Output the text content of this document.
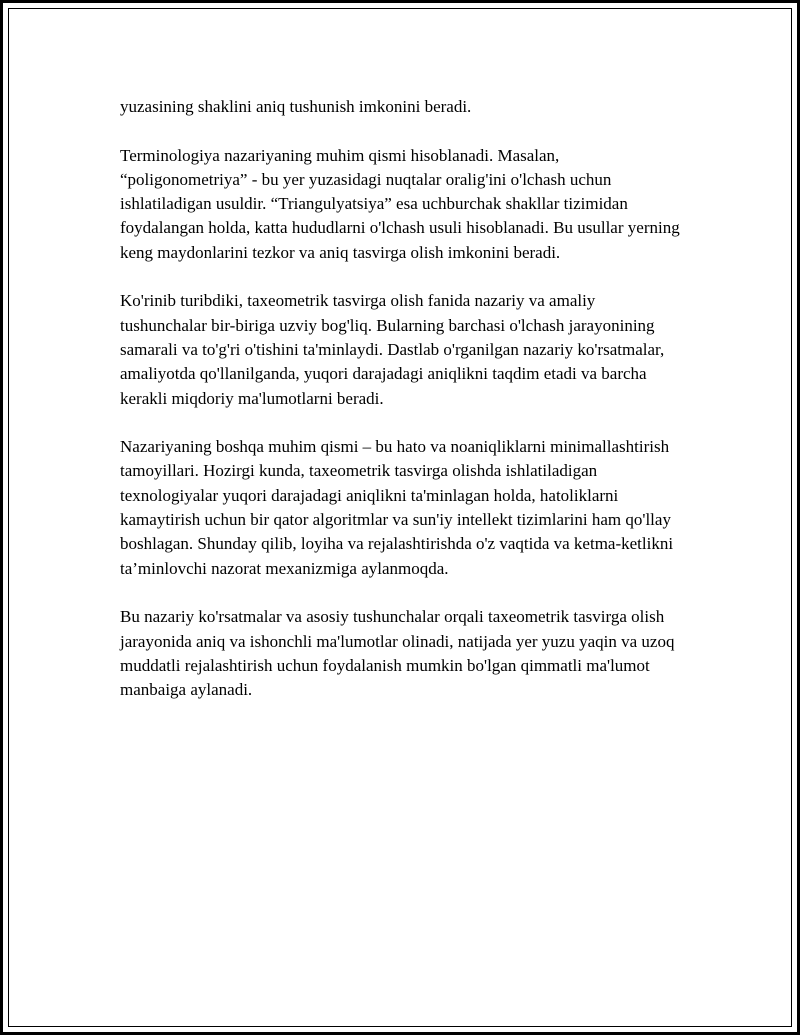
yuzasining shaklini aniq tushunish imkonini beradi.

Terminologiya nazariyaning muhim qismi hisoblanadi. Masalan, “poligonometriya” - bu yer yuzasidagi nuqtalar oralig'ini o'lchash uchun ishlatiladigan usuldir. “Triangulyatsiya” esa uchburchak shakllar tizimidan foydalangan holda, katta hududlarni o'lchash usuli hisoblanadi. Bu usullar yerning keng maydonlarini tezkor va aniq tasvirga olish imkonini beradi.

Ko'rinib turibdiki, taxeometrik tasvirga olish fanida nazariy va amaliy tushunchalar bir-biriga uzviy bog'liq. Bularning barchasi o'lchash jarayonining samarali va to'g'ri o'tishini ta'minlaydi. Dastlab o'rganilgan nazariy ko'rsatmalar, amaliyotda qo'llanilganda, yuqori darajadagi aniqlikni taqdim etadi va barcha kerakli miqdoriy ma'lumotlarni beradi.

Nazariyaning boshqa muhim qismi – bu hato va noaniqliklarni minimallashtirish tamoyillari. Hozirgi kunda, taxeometrik tasvirga olishda ishlatiladigan texnologiyalar yuqori darajadagi aniqlikni ta'minlagan holda, hatoliklarni kamaytirish uchun bir qator algoritmlar va sun'iy intellekt tizimlarini ham qo'llay boshlagan. Shunday qilib, loyiha va rejalashtirishda o'z vaqtida va ketma-ketlikni ta’minlovchi nazorat mexanizmiga aylanmoqda.

Bu nazariy ko'rsatmalar va asosiy tushunchalar orqali taxeometrik tasvirga olish jarayonida aniq va ishonchli ma'lumotlar olinadi, natijada yer yuzu yaqin va uzoq muddatli rejalashtirish uchun foydalanish mumkin bo'lgan qimmatli ma'lumot manbaiga aylanadi.
